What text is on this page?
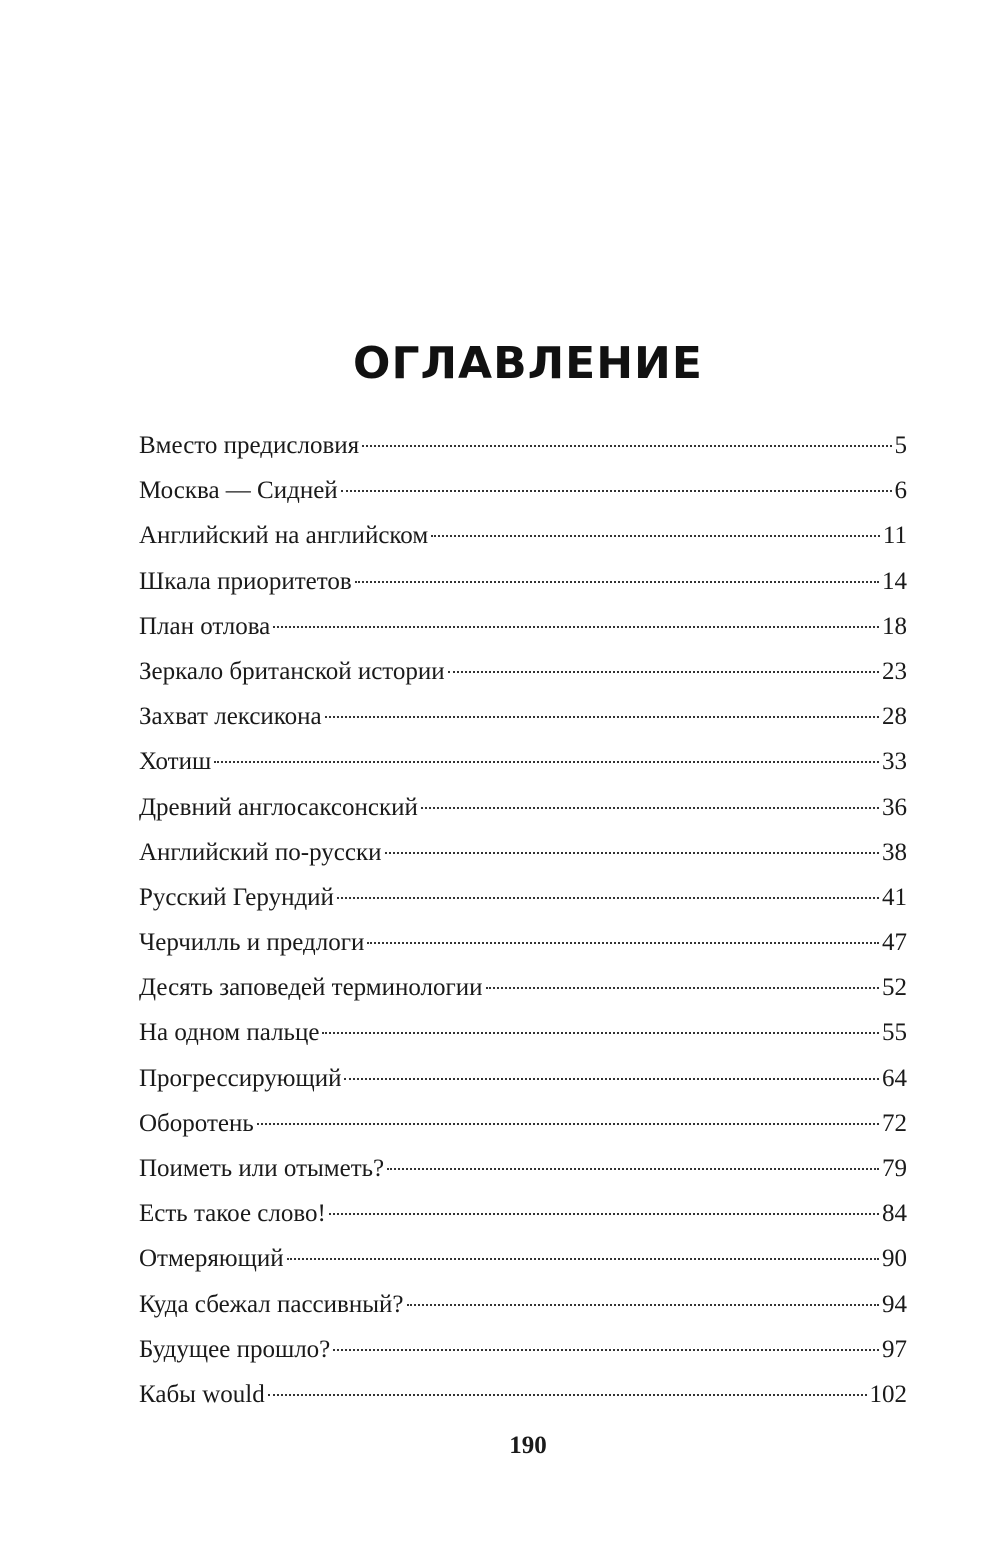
ОГЛАВЛЕНИЕ
Вместо предисловия	5
Москва — Сидней	6
Английский на английском	11
Шкала приоритетов	14
План отлова	18
Зеркало британской истории	23
Захват лексикона	28
Хотиш	33
Древний англосаксонский	36
Английский по-русски	38
Русский Герундий	41
Черчилль и предлоги	47
Десять заповедей терминологии	52
На одном пальце	55
Прогрессирующий	64
Оборотень	72
Поиметь или отыметь?	79
Есть такое слово!	84
Отмеряющий	90
Куда сбежал пассивный?	94
Будущее прошло?	97
Кабы would	102
190
